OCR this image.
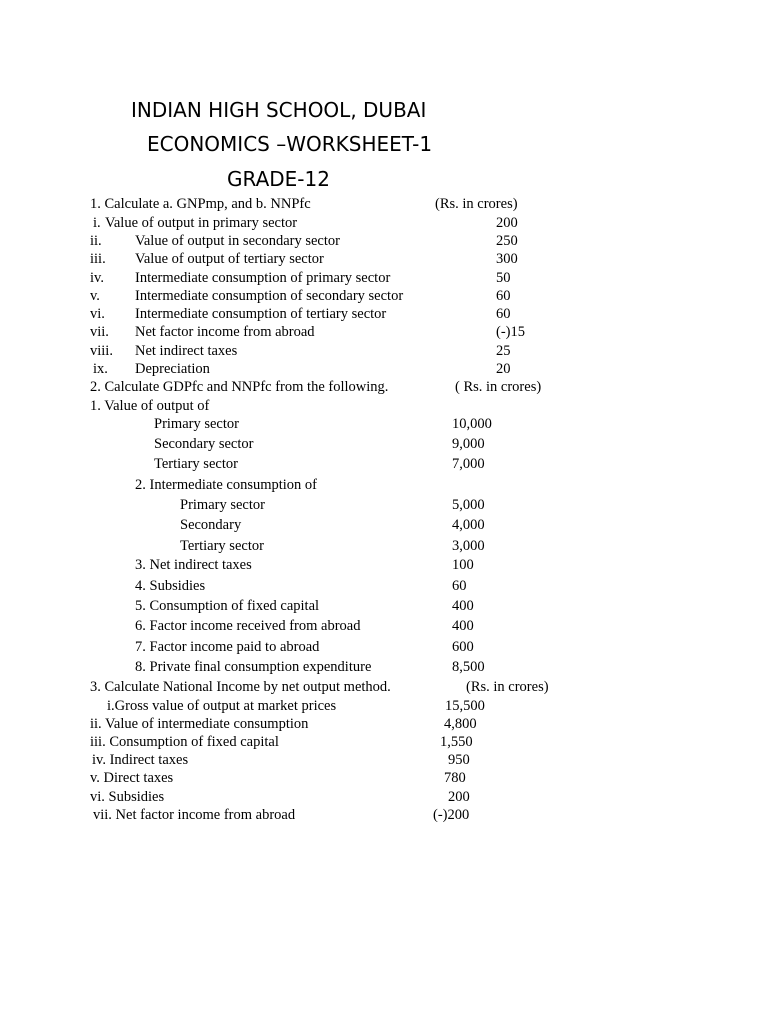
INDIAN HIGH SCHOOL, DUBAI
ECONOMICS –WORKSHEET-1
GRADE-12
1. Calculate a. GNPmp, and b. NNPfc	(Rs. in crores)
i. Value of output in primary sector	200
ii. Value of output in secondary sector	250
iii. Value of output of tertiary sector	300
iv. Intermediate consumption of primary sector	50
v. Intermediate consumption of secondary sector	60
vi. Intermediate consumption of tertiary sector	60
vii. Net factor income from abroad	(-)15
viii. Net indirect taxes	25
ix. Depreciation	20
2. Calculate GDPfc and NNPfc from the following.	( Rs. in crores)
1. Value of output of
Primary sector	10,000
Secondary sector	9,000
Tertiary sector	7,000
2. Intermediate consumption of
Primary sector	5,000
Secondary	4,000
Tertiary sector	3,000
3. Net indirect taxes	100
4. Subsidies	60
5. Consumption of fixed capital	400
6. Factor income received from abroad	400
7. Factor income paid to abroad	600
8. Private final consumption expenditure	8,500
3. Calculate National Income by net output method.	(Rs. in crores)
i.Gross value of output at market prices	15,500
ii. Value of intermediate consumption	4,800
iii. Consumption of fixed capital	1,550
iv. Indirect taxes	950
v. Direct taxes	780
vi. Subsidies	200
vii. Net factor income from abroad	(-)200
